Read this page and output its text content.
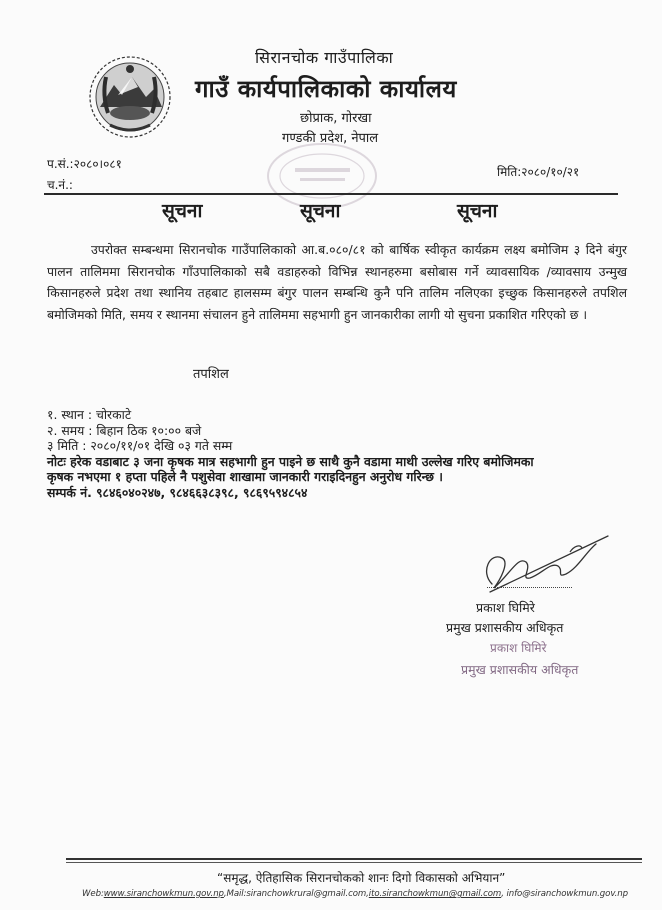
सिरानचोक गाउँपालिका
गाउँ कार्यपालिकाको कार्यालय
छोप्राक, गोरखा
गण्डकी प्रदेश, नेपाल
प.सं.:२०८०।०८१
च.नं.:
मिति:२०८०/१०/२१
सूचना	सूचना	सूचना
उपरोक्त सम्बन्धमा सिरानचोक गाउँपालिकाको आ.ब.०८०/८१ को बार्षिक स्वीकृत कार्यक्रम लक्ष्य बमोजिम ३ दिने बंगुर पालन तालिममा सिरानचोक गाँउपालिकाको सबै वडाहरुको विभिन्न स्थानहरुमा बसोबास गर्ने व्यावसायिक /व्यावसाय उन्मुख किसानहरुले प्रदेश तथा स्थानिय तहबाट हालसम्म बंगुर पालन सम्बन्धि कुनै पनि तालिम नलिएका इच्छुक किसानहरुले तपशिल बमोजिमको मिति, समय र स्थानमा संचालन हुने तालिममा सहभागी हुन जानकारीका लागी यो सुचना प्रकाशित गरिएको छ ।
तपशिल
१. स्थान : चोरकाटे
२. समय : बिहान ठिक १०:०० बजे
३ मिति : २०८०/११/०१ देखि ०३ गते सम्म
नोटः हरेक वडाबाट ३ जना कृषक मात्र सहभागी हुन पाइने छ साथै कुनै वडामा माथी उल्लेख गरिए बमोजिमका
कृषक नभएमा १ हप्ता पहिले नै पशुसेवा शाखामा जानकारी गराइदिनहुन अनुरोध गरिन्छ ।
सम्पर्क नं. ९८४६०४०२४७, ९८४६६३८३९८, ९८६९५९४८५४
प्रकाश घिमिरे
प्रमुख प्रशासकीय अधिकृत
प्रकाश घिमिरे
प्रमुख प्रशासकीय अधिकृत
“समृद्ध, ऐतिहासिक सिरानचोकको शानः दिगो विकासको अभियान”
Web:www.siranchowkmun.gov.np,Mail:siranchowkrural@gmail.com,ito.siranchowkmun@gmail.com, info@siranchowkmun.gov.np
